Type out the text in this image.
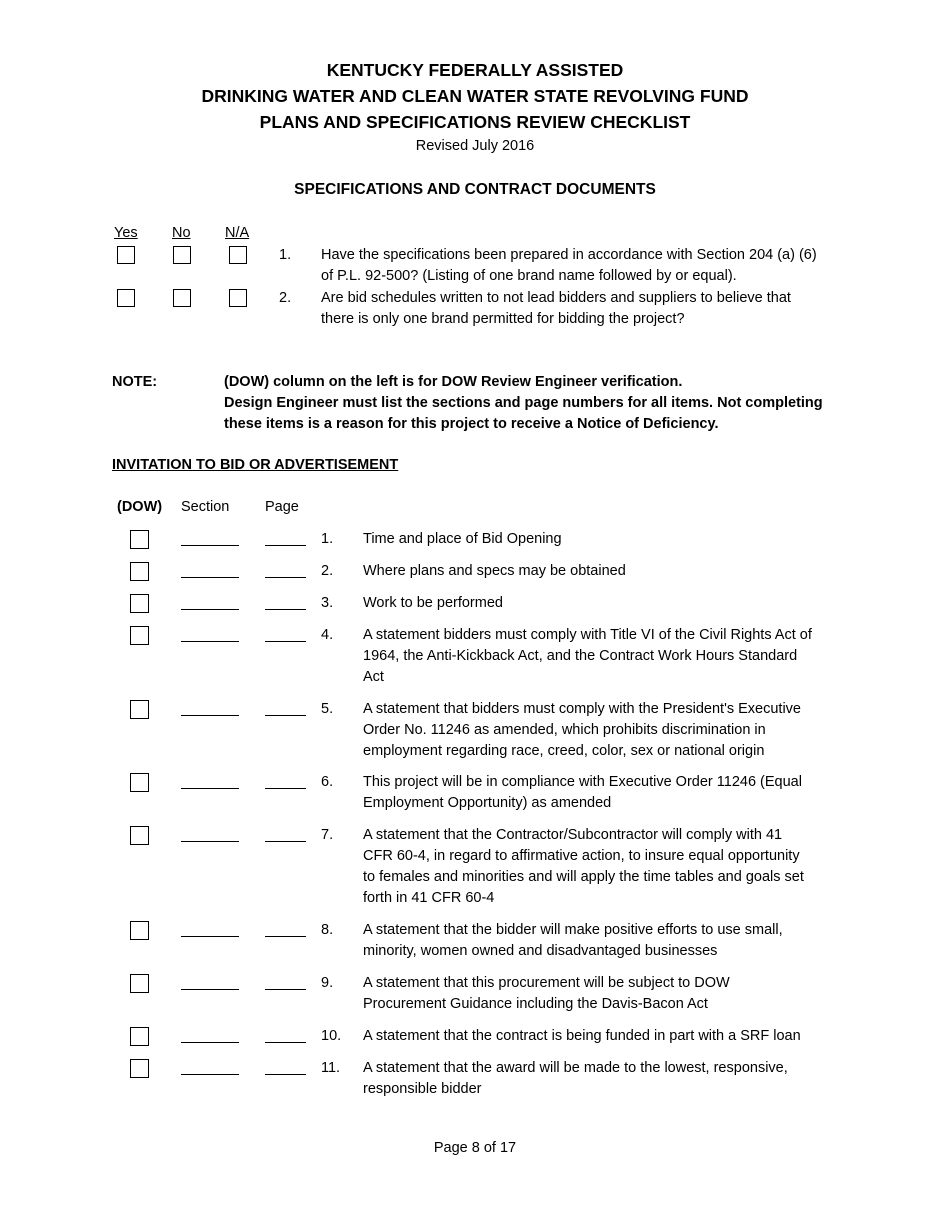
KENTUCKY FEDERALLY ASSISTED
DRINKING WATER AND CLEAN WATER STATE REVOLVING FUND
PLANS AND SPECIFICATIONS REVIEW CHECKLIST
Revised July 2016
SPECIFICATIONS AND CONTRACT DOCUMENTS
Yes No N/A
1. Have the specifications been prepared in accordance with Section 204 (a) (6)
of P.L. 92-500? (Listing of one brand name followed by or equal).
2. Are bid schedules written to not lead bidders and suppliers to believe that
there is only one brand permitted for bidding the project?
NOTE:	(DOW) column on the left is for DOW Review Engineer verification.
Design Engineer must list the sections and page numbers for all items. Not completing
these items is a reason for this project to receive a Notice of Deficiency.
INVITATION TO BID OR ADVERTISEMENT
(DOW) Section Page
1. Time and place of Bid Opening
2. Where plans and specs may be obtained
3. Work to be performed
4. A statement bidders must comply with Title VI of the Civil Rights Act of
1964, the Anti-Kickback Act, and the Contract Work Hours Standard
Act
5. A statement that bidders must comply with the President's Executive
Order No. 11246 as amended, which prohibits discrimination in
employment regarding race, creed, color, sex or national origin
6. This project will be in compliance with Executive Order 11246 (Equal
Employment Opportunity) as amended
7. A statement that the Contractor/Subcontractor will comply with 41
CFR 60-4, in regard to affirmative action, to insure equal opportunity
to females and minorities and will apply the time tables and goals set
forth in 41 CFR 60-4
8. A statement that the bidder will make positive efforts to use small,
minority, women owned and disadvantaged businesses
9. A statement that this procurement will be subject to DOW
Procurement Guidance including the Davis-Bacon Act
10. A statement that the contract is being funded in part with a SRF loan
11. A statement that the award will be made to the lowest, responsive,
responsible bidder
Page 8 of 17
